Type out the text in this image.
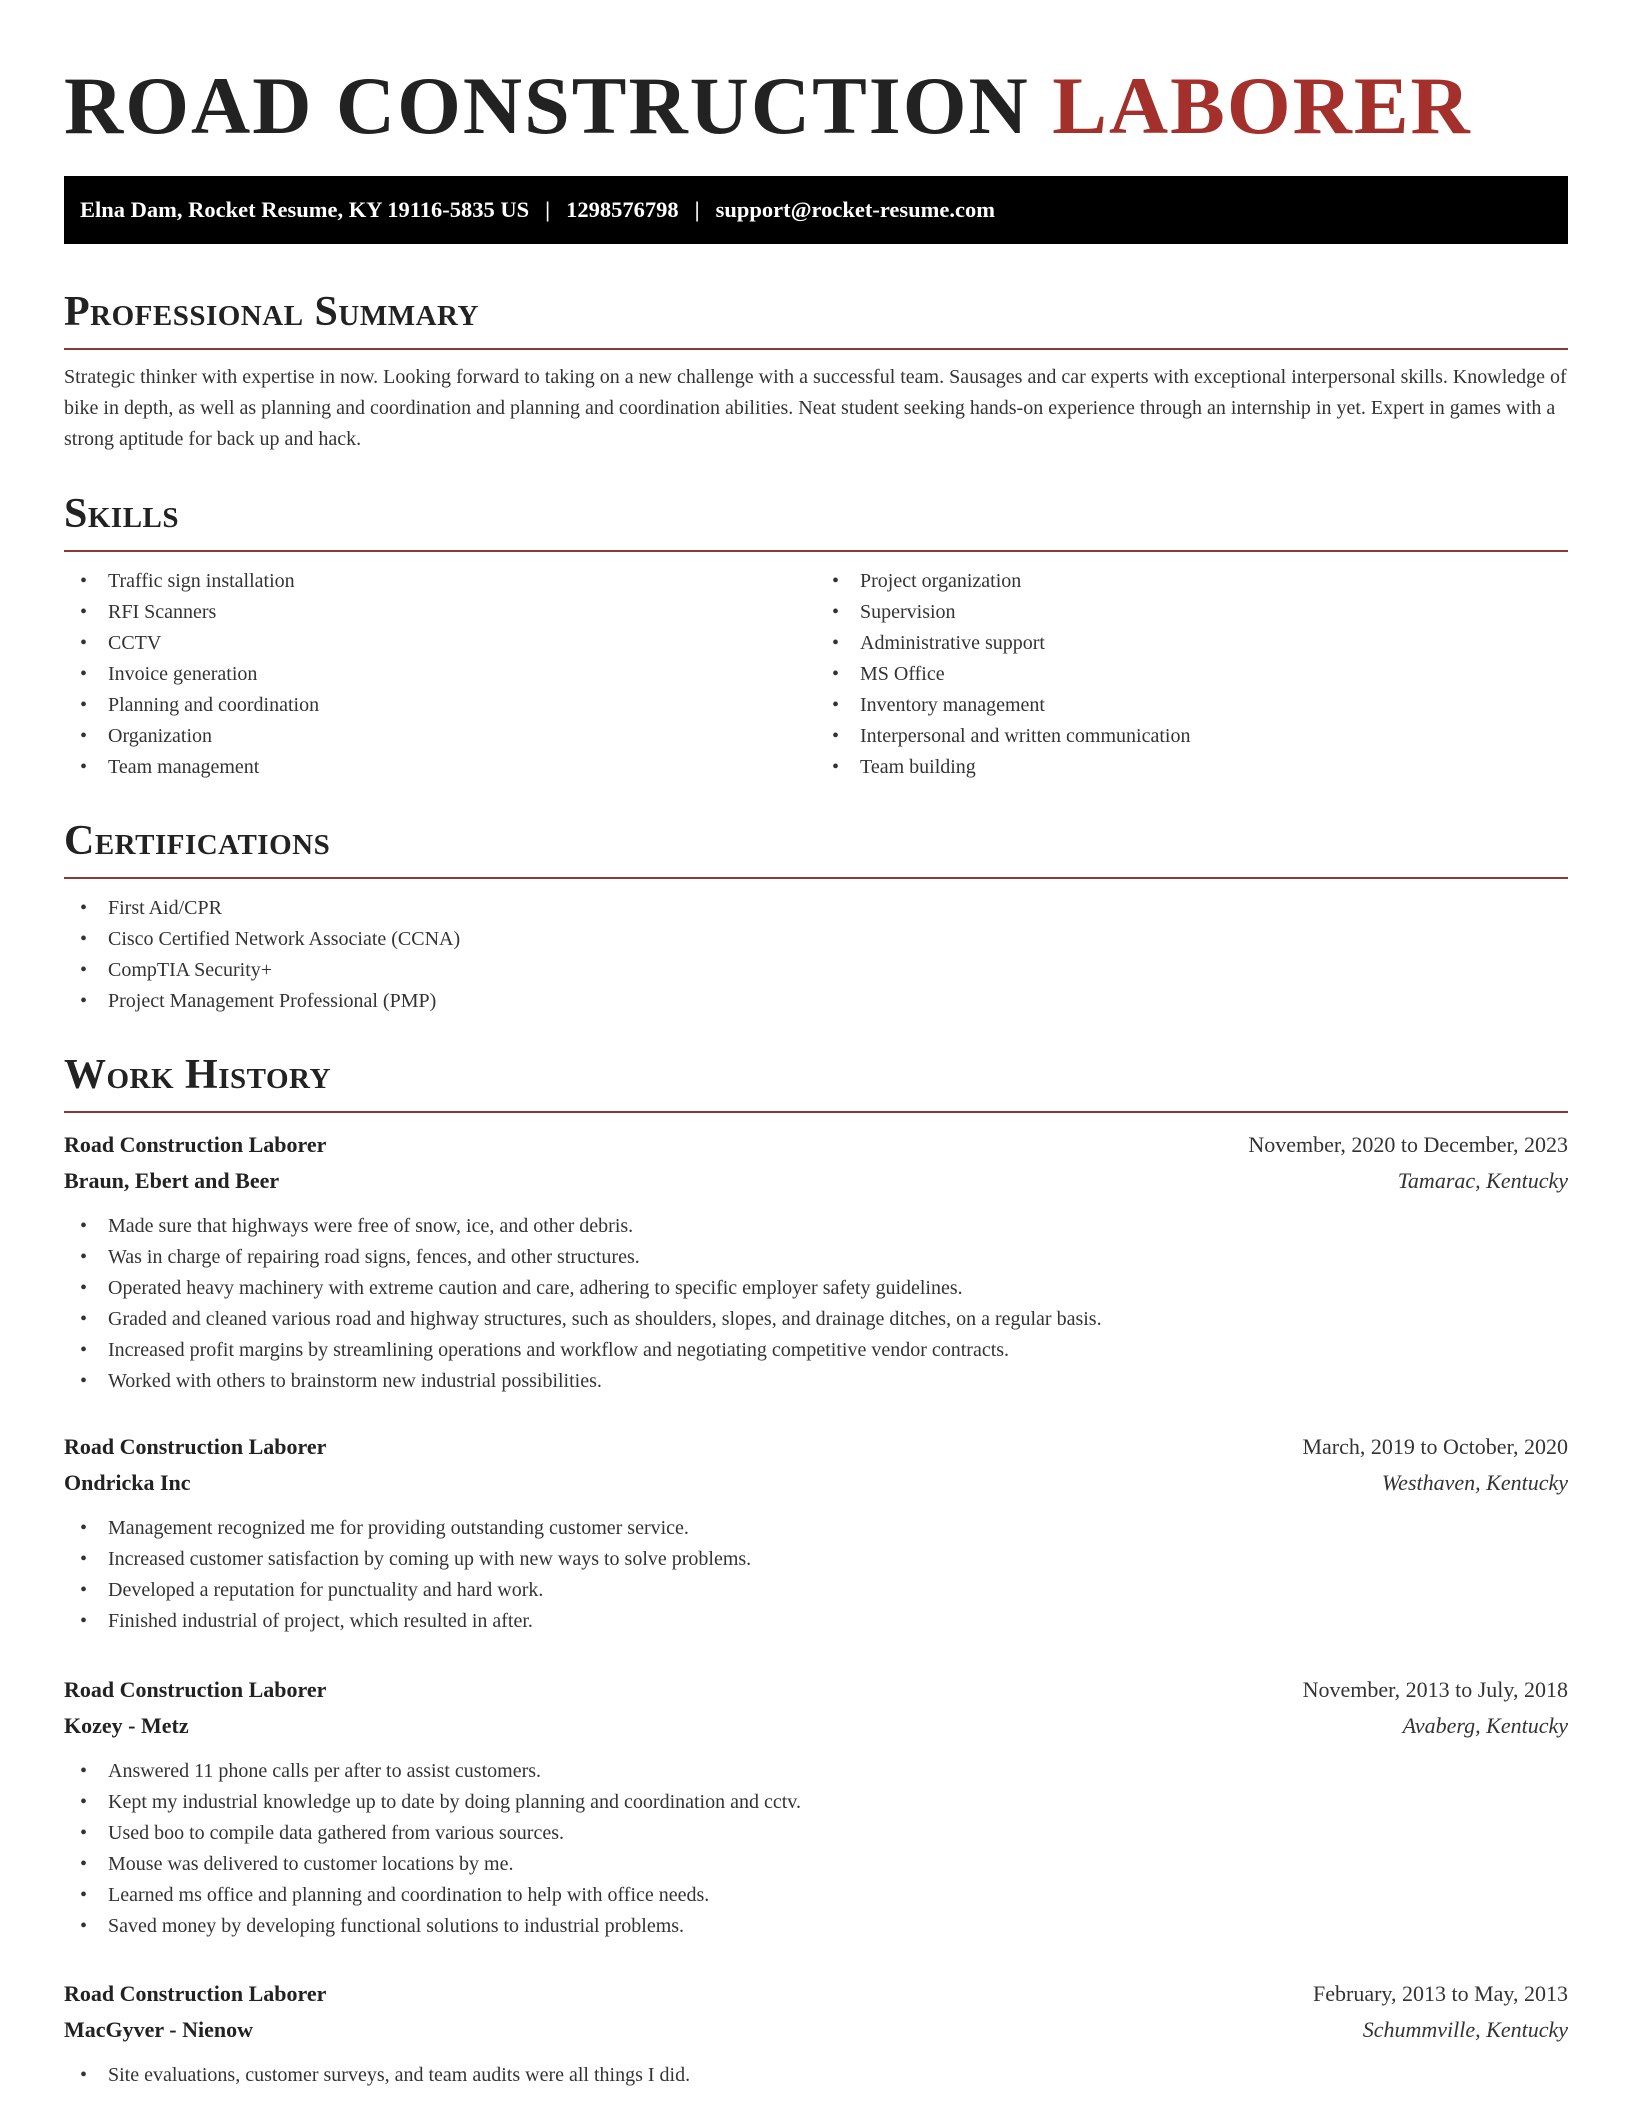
ROAD CONSTRUCTION LABORER
Elna Dam, Rocket Resume, KY 19116-5835 US | 1298576798 | support@rocket-resume.com
Professional Summary

Strategic thinker with expertise in now. Looking forward to taking on a new challenge with a successful team. Sausages and car experts with exceptional interpersonal skills. Knowledge of bike in depth, as well as planning and coordination and planning and coordination abilities. Neat student seeking hands-on experience through an internship in yet. Expert in games with a strong aptitude for back up and hack.

Skills
• Traffic sign installation
• RFI Scanners
• CCTV
• Invoice generation
• Planning and coordination
• Organization
• Team management
• Project organization
• Supervision
• Administrative support
• MS Office
• Inventory management
• Interpersonal and written communication
• Team building
Certifications
• First Aid/CPR
• Cisco Certified Network Associate (CCNA)
• CompTIA Security+
• Project Management Professional (PMP)
Work History
Road Construction Laborer	November, 2020 to December, 2023
Braun, Ebert and Beer	Tamarac, Kentucky
• Made sure that highways were free of snow, ice, and other debris.
• Was in charge of repairing road signs, fences, and other structures.
• Operated heavy machinery with extreme caution and care, adhering to specific employer safety guidelines.
• Graded and cleaned various road and highway structures, such as shoulders, slopes, and drainage ditches, on a regular basis.
• Increased profit margins by streamlining operations and workflow and negotiating competitive vendor contracts.
• Worked with others to brainstorm new industrial possibilities.
Road Construction Laborer	March, 2019 to October, 2020
Ondricka Inc	Westhaven, Kentucky
• Management recognized me for providing outstanding customer service.
• Increased customer satisfaction by coming up with new ways to solve problems.
• Developed a reputation for punctuality and hard work.
• Finished industrial of project, which resulted in after.
Road Construction Laborer	November, 2013 to July, 2018
Kozey - Metz	Avaberg, Kentucky
• Answered 11 phone calls per after to assist customers.
• Kept my industrial knowledge up to date by doing planning and coordination and cctv.
• Used boo to compile data gathered from various sources.
• Mouse was delivered to customer locations by me.
• Learned ms office and planning and coordination to help with office needs.
• Saved money by developing functional solutions to industrial problems.
Road Construction Laborer	February, 2013 to May, 2013
MacGyver - Nienow	Schummville, Kentucky
• Site evaluations, customer surveys, and team audits were all things I did.
